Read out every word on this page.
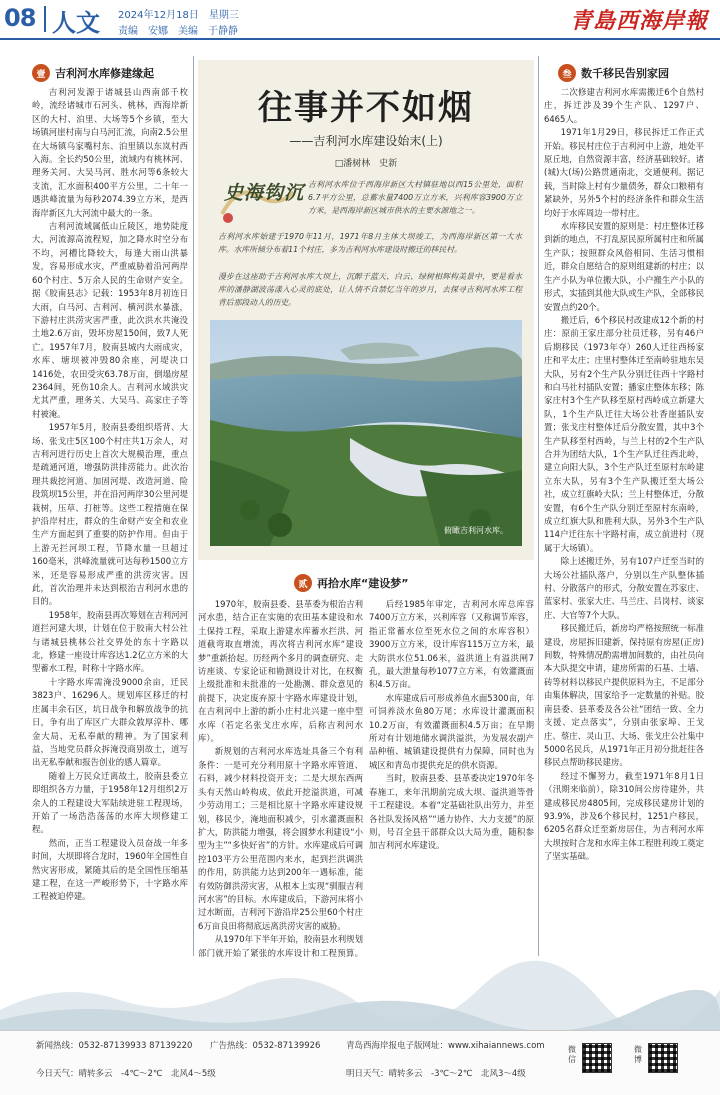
08 人文 2024年12月18日　星期三
责编　安娜　美编　于静静	青島西海岸報
壹 吉利河水库修建缘起

吉利河发源于诸城县山西南部千枚岭，流经诸城市石河头、桃林，西海岸新区的大村、泊里、大场等5个乡镇，至大场镇河崖村南与白马河汇流，向南2.5公里在大场镇乌家嘴村东、泊里镇以东岚村西入海。全长约50公里，流域内有桃林河、理务关河、大吴马河、胜水河等6条较大支流，汇水面积400平方公里，二十年一遇洪峰流量为每秒2074.39立方米，是西海岸新区九大河流中最大的一条。

吉利河流域属低山丘陵区，地势陡度大，河流源高流程短，加之降水时空分布不均，河槽比降较大，每逢大雨山洪暴发，容易形成水灾，严重威胁着沿河两岸60个村庄、5万余人民的生命财产安全。据《胶南县志》记载：1953年8月初连日大雨，白马河、吉利河、横河洪水暴涨，下游村庄洪涝灾害严重，此次洪水共淹没土地2.6万亩，毁坏房屋150间，致7人死亡。1957年7月，胶南县城内大雨成灾，水库、塘坝被冲毁80余座，河堤决口1416处，农田受灾63.78万亩，倒塌房屋2364间，死伤10余人。吉利河水域洪灾尤其严重，理务关、大吴马、高家庄子等村被淹。

1957年5月，胶南县委组织塔背、大场、张戈庄5区100个村庄共1万余人，对吉利河进行历史上首次大规模治理，重点是疏通河道，增强防洪排涝能力。此次治理共裁挖河道、加固河堤、改造河道、险段筑坝15公里，并在沿河两岸30公里河堤栽树，压草、打桩等。这些工程措施在保护沿岸村庄，群众的生命财产安全和农业生产方面起到了重要的防护作用。但由于上游无拦河坝工程，节降水量一旦超过160毫米，洪峰流量就可达每秒1500立方米，还是容易形成严重的洪涝灾害。因此，首次治理并未达到根治吉利河水患的目的。

1958年，胶南县再次筹划在吉利河河道拦河建大坝，计划在位于胶南大村公社与诸城县桃林公社交界处的东十字路以北，修建一座设计库容达1.2亿立方米的大型蓄水工程，时称十字路水库。

十字路水库需淹没9000余亩，迁民3823户、16296人。规划库区移迁的村庄属丰余石区，坑日战争和解放战争的抗日，争有出了库区广大群众敦厚淳朴、哪金大局、无私奉献的精神。为了国家利益，当地党员群众拆淹没商别故土，道写出无私奉献和报告创业的感人篇章。

随着上万民众迁离故土，胶南县委立即组织各方力量，于1958年12月组织2万余人的工程建设大军陆续进驻工程现场，开始了一场浩浩荡荡的水库大坝修建工程。

然而，正当工程建设入员奋战一年多时间，大坝即将合龙时，1960年全国性自然灾害形成，紧随其后的是全国性压缩基建工程，在这一严峻形势下，十字路水库工程被迫停建。

往事并不如烟
——吉利河水库建设始末(上)
□潘树林　史新
史海钩沉 吉利河水库位于西海岸新区大村镇驻地以西15公里处，面积6.7平方公里，总蓄水量7400万立方米，兴利库容3900万立方米，是西海岸新区城市供水的主要水源地之一。
吉利河水库始建于1970年11月，1971年8月主体大坝竣工，为西海岸新区第一大水库。水库所倾分布着11个村庄，多为吉利河水库建设时搬迁的移民村。
漫步在这座助于吉利河水库大坝上，沉醉于蓝天、白云、绿树相辉构美景中，要是看水库的潘静湖波荡漾入心灵的底处，让人情不自禁忆当年的岁月，去探寻吉利河水库工程背后那段动人的历史。
俯瞰吉利河水库。
贰 再拾水库“建设梦”

1970年，胶南县委、县革委为根治吉利河水患，结合正在实施的农田基本建设和水土保持工程，采取上游建水库蓄水拦洪、河道截弯取直增流，再次将吉利河水库“建设梦”重新拾起。历经两个多月的调查研究、走访座谈、专家论证和勘测设计对比，在权衡上级批准和未批准的一处勘测、群众意见的前提下，决定废弃原十字路水库建设计划，在吉利河中上游的新小庄村北兴建一座中型水库（若定名张戈庄水库，后称吉利河水库）。

新规划的吉利河水库选址具备三个有利条件：一是可充分利用原十字路水库管道、石料，减少材料投资开支；二是大坝东西两头有天然山岭构成，依此开挖溢洪道，可减少劳动用工；三是相比原十字路水库建设规划，移民少，淹地面积减少，引水灌溉面积扩大，防洪能力增强，将会圆梦水利建设“小型为主”“多快好省”的方针。水库建成后可调控103平方公里范围内来水，起到拦洪调洪的作用，防洪能力达到200年一遇标准，能有效防御洪涝灾害，从根本上实现“驯服吉利河水害”的目标。水库建成后，下游河床将小过水断面，吉利河下游沿岸25公里60个村庄6万亩良田将彻底远离洪涝灾害的威胁。

从1970年下半年开始，胶南县水利规划部门就开始了紧张的水库设计和工程预算。

后经1985年审定，吉利河水库总库容7400万立方米，兴利库容（又称调节库容，指正常蓄水位至死水位之间的水库容积）3900万立方米，设计库容115万立方米，最大防洪水位51.06米，溢洪道上有溢洪闸7孔，最大泄量每秒1077立方米，有效灌溉面积4.5万亩。

水库建成后可形成养鱼水面5300亩，年可饲养淡水鱼80万尾；水库设计灌溉面积10.2万亩，有效灌溉面积4.5万亩；在早期所对有计划地储水调洪溢洪，为发展农副产品种植、城镇建设提供有力保障，同时也为城区和青岛市提供充足的供水资源。

当时，胶南县委、县革委决定1970年冬春施工，来年汛期前完成大坝、溢洪道等骨干工程建设。本着“定基础社队出劳力，并至各社队发扬风格”“通力协作、大力支援”的原则，号召全县干部群众以大局为重，随积参加吉利河水库建设。

叁 数千移民告别家园

二次修建吉利河水库需搬迁6个自然村庄，拆迁涉及39个生产队、1297户、6465人。

1971年1月29日，移民拆迁工作正式开始。移民村庄位于吉利河中上游，地处平原丘地，自然资源丰富，经济基础较好。诸(城)大(场)公路贯通南北，交通便利。据记载，当时除上村有少量债务，群众口粮稍有紧缺外，另外5个村的经济条件和群众生活均好于水库周边一带村庄。

水库移民安置的原则是：村庄整体迁移到新的地点，不打乱原民原所属村庄和所属生产队；按照群众风俗相同、生活习惯相近，群众自愿结合的原则组建新的村庄；以生产小队为单位搬大队，小户搬生产小队的形式，实插到其他大队或生产队，全部移民安置点约20个。

搬迁后，6个移民村改建成12个新的村庄：原前王家庄部分社员迁移，另有46户后期移民（1973年夺）260人迁往西杨家庄和平太庄；庄里村整体迁至南岭驻地东吴大队，另有2个生产队分别迁往西十字路村和白马社村插队安置；播家庄整体东移；陈家庄村3个生产队移至原村西岭成立新建大队，1个生产队迁往大场公社香崖插队安置；张戈庄村整体迁后分散安置，其中3个生产队移至村西岭，与兰上村的2个生产队合并为团结大队，1个生产队迁往西北岭，建立向阳大队，3个生产队迁至原村东岭建立东大队，另有3个生产队搬迁至大场公社，成立红旗岭大队；兰上村整体迁，分散安置，有6个生产队分别迁至原村东南岭，成立红旗大队和胜利大队，另外3个生产队114户迁往东十字路村南，成立前进村（现属于大场镇）。

除上述搬迁外，另有107户迁至当时的大场公社插队落户，分别以生产队整体插村、分散落户的形式，分散安置在苏家庄、蓝家村、张家大庄、马兰庄、吕岗村、谈家庄、大官等7个大队。

移民搬迁后，新房均严格按照统一标准建设，房屋拆旧建新，保持原有房屋(正房)间数，特殊情况酌需增加间数的，由社员向本大队提交申请，建房所需的石基、土墙、砖等材料以移民户提供原料为主，不足部分由集体解决，国家给予一定数量的补贴。胶南县委、县革委及各公社“团结一致、全力支援、定点落实”，分别由张家埠、王戈庄、蔡庄、灵山卫、大场、张戈庄公社集中5000名民兵，从1971年正月初分批赶往各移民点帮助移民建房。

经过不懈努力，截至1971年8月1日（汛期来临前），除310间公房待建外，共建成移民房4805间，完成移民建房计划的93.9%，涉及6个移民村，1251户移民，6205名群众迁至新房居住，为吉利河水库大坝按时合龙和水库主体工程胜利竣工奠定了坚实基础。

新闻热线：0532-87139933 87139220 广告热线：0532-87139926	青岛西海岸报电子版网址：www.xihaiannews.com
今日天气：晴转多云　-4℃～2℃　北风4～5级	明日天气：晴转多云　-3℃～2℃　北风3～4级
微信
微博
